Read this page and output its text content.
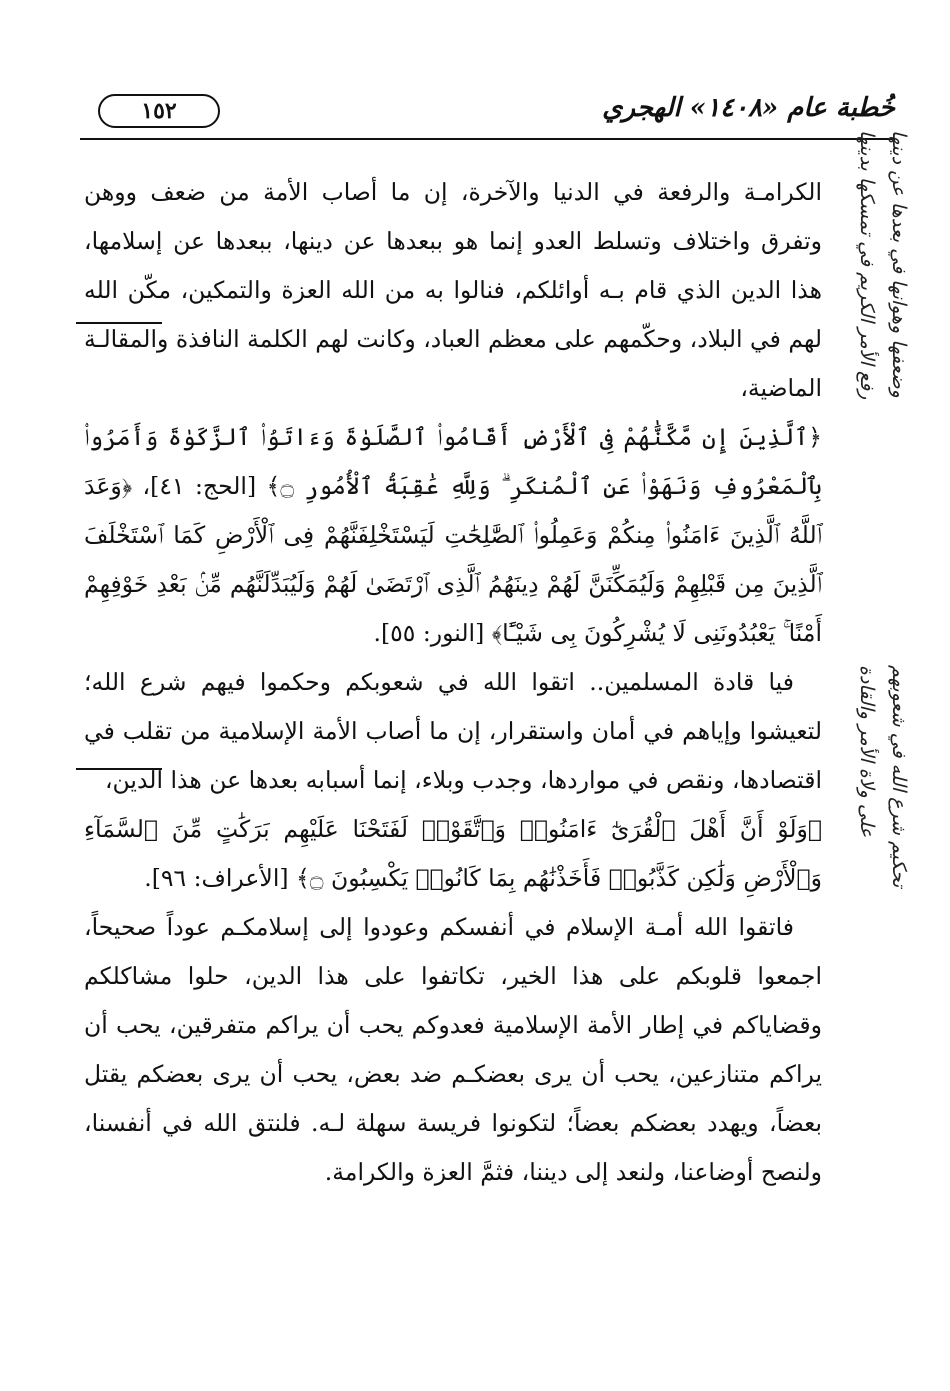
١٥٢	خُطبة عام «١٤٠٨» الهجري
رفع الأمر الكريم في تمسكها بدينها وضعفها وهوانها في بعدها عن دينها
على ولاة الأمر والقادة تحكيم شرع الله في شعوبهم

الكرامـة والرفعة في الدنيا والآخرة، إن ما أصاب الأمة من ضعف ووهن وتفرق واختلاف وتسلط العدو إنما هو ببعدها عن دينها، ببعدها عن إسلامها، هذا الدين الذي قام بـه أوائلكم، فنالوا به من الله العزة والتمكين، مكّن الله لهم في البلاد، وحكّمهم على معظم العباد، وكانت لهم الكلمة النافذة والمقالـة الماضية،

﴿ٱلَّذِينَ إِن مَّكَّنَّٰهُمْ فِى ٱلْأَرْضِ أَقَامُوا۟ ٱلصَّلَوٰةَ وَءَاتَوُا۟ ٱلزَّكَوٰةَ وَأَمَرُوا۟ بِٱلْمَعْرُوفِ وَنَهَوْا۟ عَنِ ٱلْمُنكَرِ ۗ وَلِلَّهِ عَٰقِبَةُ ٱلْأُمُورِ ۝﴾ [الحج: ٤١]، ﴿وَعَدَ ٱللَّهُ ٱلَّذِينَ ءَامَنُوا۟ مِنكُمْ وَعَمِلُوا۟ ٱلصَّٰلِحَٰتِ لَيَسْتَخْلِفَنَّهُمْ فِى ٱلْأَرْضِ كَمَا ٱسْتَخْلَفَ ٱلَّذِينَ مِن قَبْلِهِمْ وَلَيُمَكِّنَنَّ لَهُمْ دِينَهُمُ ٱلَّذِى ٱرْتَضَىٰ لَهُمْ وَلَيُبَدِّلَنَّهُم مِّنۢ بَعْدِ خَوْفِهِمْ أَمْنًا ۚ يَعْبُدُونَنِى لَا يُشْرِكُونَ بِى شَيْـًٔا﴾ [النور: ٥٥].

فيا قادة المسلمين.. اتقوا الله في شعوبكم وحكموا فيهم شرع الله؛ لتعيشوا وإياهم في أمان واستقرار، إن ما أصاب الأمة الإسلامية من تقلب في اقتصادها، ونقص في مواردها، وجدب وبلاء، إنما أسبابه بعدها عن هذا الدين،

﴿وَلَوْ أَنَّ أَهْلَ ٱلْقُرَىٰٓ ءَامَنُوا۟ وَٱتَّقَوْا۟ لَفَتَحْنَا عَلَيْهِم بَرَكَٰتٍ مِّنَ ٱلسَّمَآءِ وَٱلْأَرْضِ وَلَٰكِن كَذَّبُوا۟ فَأَخَذْنَٰهُم بِمَا كَانُوا۟ يَكْسِبُونَ ۝﴾ [الأعراف: ٩٦].

فاتقوا الله أمـة الإسلام في أنفسكم وعودوا إلى إسلامكـم عوداً صحيحاً، اجمعوا قلوبكم على هذا الخير، تكاتفوا على هذا الدين، حلوا مشاكلكم وقضاياكم في إطار الأمة الإسلامية فعدوكم يحب أن يراكم متفرقين، يحب أن يراكم متنازعين، يحب أن يرى بعضكـم ضد بعض، يحب أن يرى بعضكم يقتل بعضاً، ويهدد بعضكم بعضاً؛ لتكونوا فريسة سهلة لـه. فلنتق الله في أنفسنا، ولنصح أوضاعنا، ولنعد إلى ديننا، فثمَّ العزة والكرامة.
